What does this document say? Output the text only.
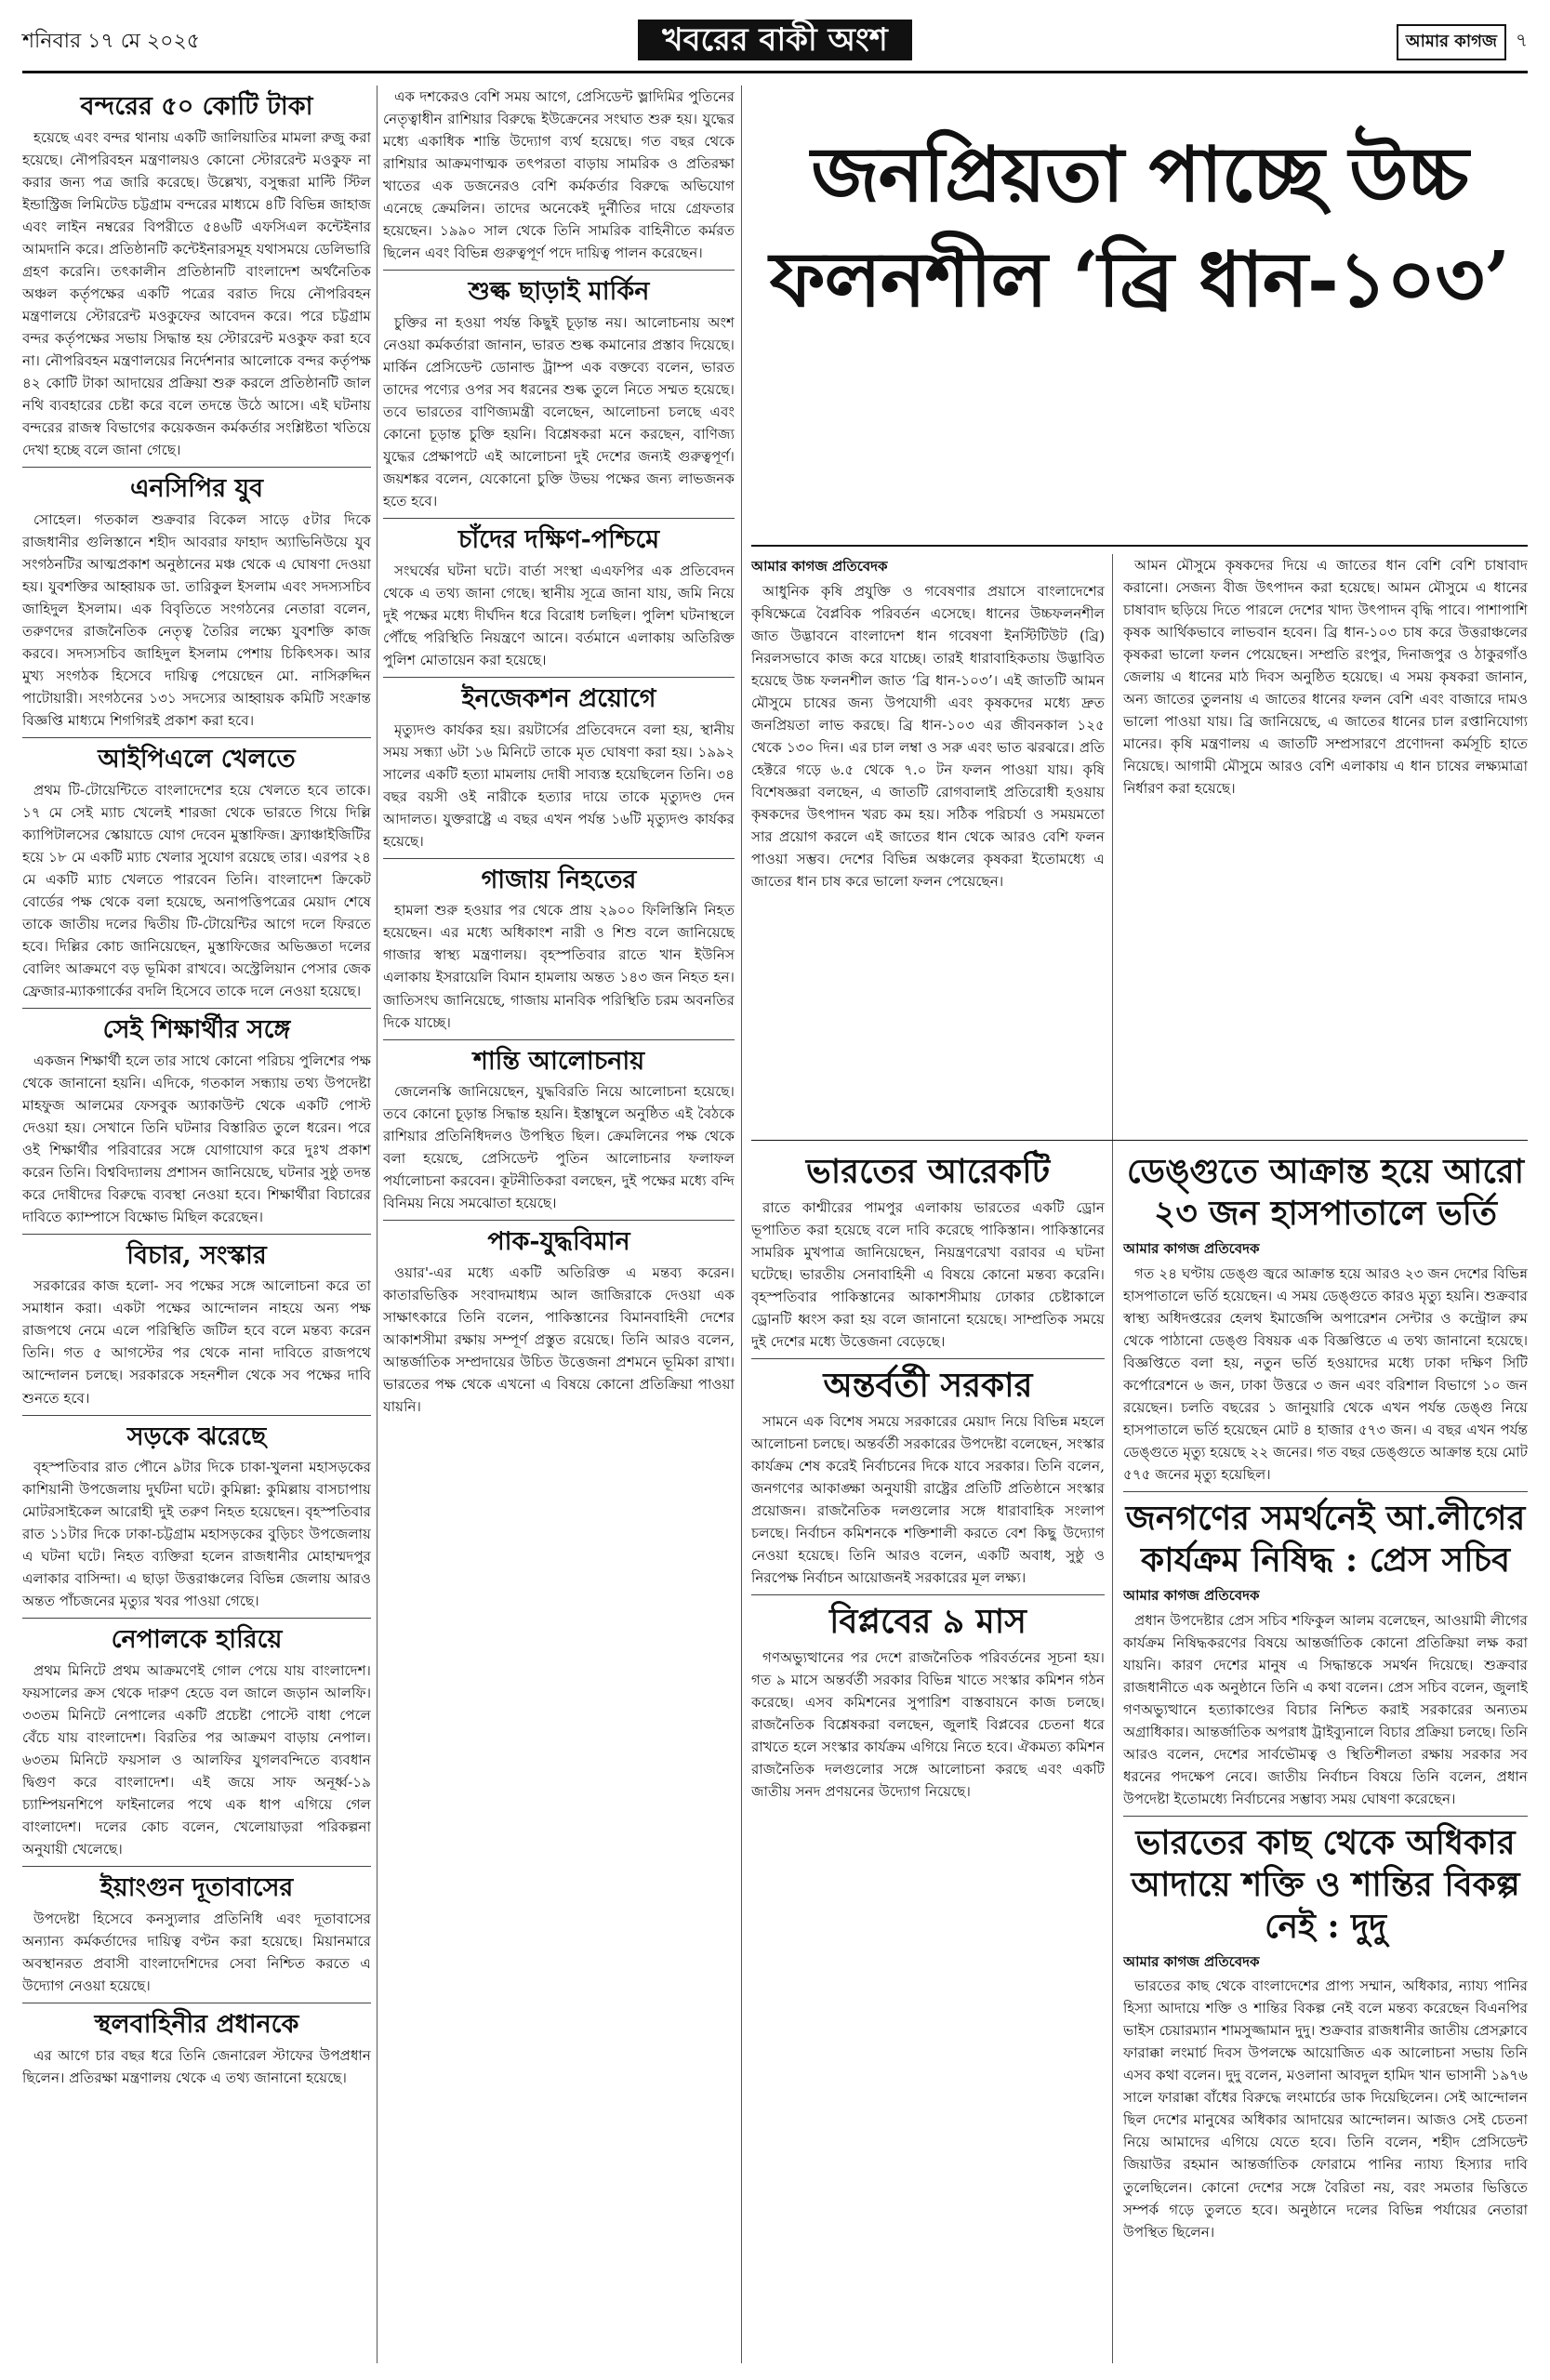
শনিবার ১৭ মে ২০২৫	খবরের বাকী অংশ	আমার কাগজ	৭
বন্দরের ৫০ কোটি টাকা

হয়েছে এবং বন্দর থানায় একটি জালিয়াতির মামলা রুজু করা হয়েছে। নৌপরিবহন মন্ত্রণালয়ও কোনো স্টোররেন্ট মওকুফ না করার জন্য পত্র জারি করেছে। উল্লেখ্য, বসুন্ধরা মাল্টি স্টিল ইন্ডাস্ট্রিজ লিমিটেড চট্টগ্রাম বন্দরের মাধ্যমে ৪টি বিভিন্ন জাহাজ এবং লাইন নম্বরের বিপরীতে ৫৪৬টি এফসিএল কন্টেইনার আমদানি করে। প্রতিষ্ঠানটি কন্টেইনারসমূহ যথাসময়ে ডেলিভারি গ্রহণ করেনি। তৎকালীন প্রতিষ্ঠানটি বাংলাদেশ অর্থনৈতিক অঞ্চল কর্তৃপক্ষের একটি পত্রের বরাত দিয়ে নৌপরিবহন মন্ত্রণালয়ে স্টোররেন্ট মওকুফের আবেদন করে। পরে চট্টগ্রাম বন্দর কর্তৃপক্ষের সভায় সিদ্ধান্ত হয় স্টোররেন্ট মওকুফ করা হবে না। নৌপরিবহন মন্ত্রণালয়ের নির্দেশনার আলোকে বন্দর কর্তৃপক্ষ ৪২ কোটি টাকা আদায়ের প্রক্রিয়া শুরু করলে প্রতিষ্ঠানটি জাল নথি ব্যবহারের চেষ্টা করে বলে তদন্তে উঠে আসে। এই ঘটনায় বন্দরের রাজস্ব বিভাগের কয়েকজন কর্মকর্তার সংশ্লিষ্টতা খতিয়ে দেখা হচ্ছে বলে জানা গেছে।

এনসিপির যুব

সোহেল। গতকাল শুক্রবার বিকেল সাড়ে ৫টার দিকে রাজধানীর গুলিস্তানে শহীদ আবরার ফাহাদ অ্যাভিনিউয়ে যুব সংগঠনটির আত্মপ্রকাশ অনুষ্ঠানের মঞ্চ থেকে এ ঘোষণা দেওয়া হয়। যুবশক্তির আহ্বায়ক ডা. তারিকুল ইসলাম এবং সদস্যসচিব জাহিদুল ইসলাম। এক বিবৃতিতে সংগঠনের নেতারা বলেন, তরুণদের রাজনৈতিক নেতৃত্ব তৈরির লক্ষ্যে যুবশক্তি কাজ করবে। সদস্যসচিব জাহিদুল ইসলাম পেশায় চিকিৎসক। আর মুখ্য সংগঠক হিসেবে দায়িত্ব পেয়েছেন মো. নাসিরুদ্দিন পাটোয়ারী। সংগঠনের ১৩১ সদস্যের আহ্বায়ক কমিটি সংক্রান্ত বিজ্ঞপ্তি মাধ্যমে শিগগিরই প্রকাশ করা হবে।

আইপিএলে খেলতে

প্রথম টি-টোয়েন্টিতে বাংলাদেশের হয়ে খেলতে হবে তাকে। ১৭ মে সেই ম্যাচ খেলেই শারজা থেকে ভারতে গিয়ে দিল্লি ক্যাপিটালসের স্কোয়াডে যোগ দেবেন মুস্তাফিজ। ফ্র্যাঞ্চাইজিটির হয়ে ১৮ মে একটি ম্যাচ খেলার সুযোগ রয়েছে তার। এরপর ২৪ মে একটি ম্যাচ খেলতে পারবেন তিনি। বাংলাদেশ ক্রিকেট বোর্ডের পক্ষ থেকে বলা হয়েছে, অনাপত্তিপত্রের মেয়াদ শেষে তাকে জাতীয় দলের দ্বিতীয় টি-টোয়েন্টির আগে দলে ফিরতে হবে। দিল্লির কোচ জানিয়েছেন, মুস্তাফিজের অভিজ্ঞতা দলের বোলিং আক্রমণে বড় ভূমিকা রাখবে। অস্ট্রেলিয়ান পেসার জেক ফ্রেজার-ম্যাকগার্কের বদলি হিসেবে তাকে দলে নেওয়া হয়েছে।

সেই শিক্ষার্থীর সঙ্গে

একজন শিক্ষার্থী হলে তার সাথে কোনো পরিচয় পুলিশের পক্ষ থেকে জানানো হয়নি। এদিকে, গতকাল সন্ধ্যায় তথ্য উপদেষ্টা মাহফুজ আলমের ফেসবুক অ্যাকাউন্ট থেকে একটি পোস্ট দেওয়া হয়। সেখানে তিনি ঘটনার বিস্তারিত তুলে ধরেন। পরে ওই শিক্ষার্থীর পরিবারের সঙ্গে যোগাযোগ করে দুঃখ প্রকাশ করেন তিনি। বিশ্ববিদ্যালয় প্রশাসন জানিয়েছে, ঘটনার সুষ্ঠু তদন্ত করে দোষীদের বিরুদ্ধে ব্যবস্থা নেওয়া হবে। শিক্ষার্থীরা বিচারের দাবিতে ক্যাম্পাসে বিক্ষোভ মিছিল করেছেন।

বিচার, সংস্কার

সরকারের কাজ হলো- সব পক্ষের সঙ্গে আলোচনা করে তা সমাধান করা। একটা পক্ষের আন্দোলন নাহয়ে অন্য পক্ষ রাজপথে নেমে এলে পরিস্থিতি জটিল হবে বলে মন্তব্য করেন তিনি। গত ৫ আগস্টের পর থেকে নানা দাবিতে রাজপথে আন্দোলন চলছে। সরকারকে সহনশীল থেকে সব পক্ষের দাবি শুনতে হবে।

সড়কে ঝরেছে

বৃহস্পতিবার রাত পৌনে ৯টার দিকে চাকা-খুলনা মহাসড়কের কাশিয়ানী উপজেলায় দুর্ঘটনা ঘটে। কুমিল্লা: কুমিল্লায় বাসচাপায় মোটরসাইকেল আরোহী দুই তরুণ নিহত হয়েছেন। বৃহস্পতিবার রাত ১১টার দিকে ঢাকা-চট্টগ্রাম মহাসড়কের বুড়িচং উপজেলায় এ ঘটনা ঘটে। নিহত ব্যক্তিরা হলেন রাজধানীর মোহাম্মদপুর এলাকার বাসিন্দা। এ ছাড়া উত্তরাঞ্চলের বিভিন্ন জেলায় আরও অন্তত পাঁচজনের মৃত্যুর খবর পাওয়া গেছে।

নেপালকে হারিয়ে

প্রথম মিনিটে প্রথম আক্রমণেই গোল পেয়ে যায় বাংলাদেশ। ফয়সালের ক্রস থেকে দারুণ হেডে বল জালে জড়ান আলফি। ৩৩তম মিনিটে নেপালের একটি প্রচেষ্টা পোস্টে বাধা পেলে বেঁচে যায় বাংলাদেশ। বিরতির পর আক্রমণ বাড়ায় নেপাল। ৬৩তম মিনিটে ফয়সাল ও আলফির যুগলবন্দিতে ব্যবধান দ্বিগুণ করে বাংলাদেশ। এই জয়ে সাফ অনূর্ধ্ব-১৯ চ্যাম্পিয়নশিপে ফাইনালের পথে এক ধাপ এগিয়ে গেল বাংলাদেশ। দলের কোচ বলেন, খেলোয়াড়রা পরিকল্পনা অনুযায়ী খেলেছে।

ইয়াংগুন দূতাবাসের

উপদেষ্টা হিসেবে কনস্যুলার প্রতিনিধি এবং দূতাবাসের অন্যান্য কর্মকর্তাদের দায়িত্ব বণ্টন করা হয়েছে। মিয়ানমারে অবস্থানরত প্রবাসী বাংলাদেশিদের সেবা নিশ্চিত করতে এ উদ্যোগ নেওয়া হয়েছে।

স্থলবাহিনীর প্রধানকে

এর আগে চার বছর ধরে তিনি জেনারেল স্টাফের উপপ্রধান ছিলেন। প্রতিরক্ষা মন্ত্রণালয় থেকে এ তথ্য জানানো হয়েছে।

এক দশকেরও বেশি সময় আগে, প্রেসিডেন্ট ভ্লাদিমির পুতিনের নেতৃত্বাধীন রাশিয়ার বিরুদ্ধে ইউক্রেনের সংঘাত শুরু হয়। যুদ্ধের মধ্যে একাধিক শান্তি উদ্যোগ ব্যর্থ হয়েছে। গত বছর থেকে রাশিয়ার আক্রমণাত্মক তৎপরতা বাড়ায় সামরিক ও প্রতিরক্ষা খাতের এক ডজনেরও বেশি কর্মকর্তার বিরুদ্ধে অভিযোগ এনেছে ক্রেমলিন। তাদের অনেকেই দুর্নীতির দায়ে গ্রেফতার হয়েছেন। ১৯৯০ সাল থেকে তিনি সামরিক বাহিনীতে কর্মরত ছিলেন এবং বিভিন্ন গুরুত্বপূর্ণ পদে দায়িত্ব পালন করেছেন।

শুল্ক ছাড়াই মার্কিন

চুক্তির না হওয়া পর্যন্ত কিছুই চূড়ান্ত নয়। আলোচনায় অংশ নেওয়া কর্মকর্তারা জানান, ভারত শুল্ক কমানোর প্রস্তাব দিয়েছে। মার্কিন প্রেসিডেন্ট ডোনাল্ড ট্রাম্প এক বক্তব্যে বলেন, ভারত তাদের পণ্যের ওপর সব ধরনের শুল্ক তুলে নিতে সম্মত হয়েছে। তবে ভারতের বাণিজ্যমন্ত্রী বলেছেন, আলোচনা চলছে এবং কোনো চূড়ান্ত চুক্তি হয়নি। বিশ্লেষকরা মনে করছেন, বাণিজ্য যুদ্ধের প্রেক্ষাপটে এই আলোচনা দুই দেশের জন্যই গুরুত্বপূর্ণ। জয়শঙ্কর বলেন, যেকোনো চুক্তি উভয় পক্ষের জন্য লাভজনক হতে হবে।

চাঁদের দক্ষিণ-পশ্চিমে

সংঘর্ষের ঘটনা ঘটে। বার্তা সংস্থা এএফপির এক প্রতিবেদন থেকে এ তথ্য জানা গেছে। স্থানীয় সূত্রে জানা যায়, জমি নিয়ে দুই পক্ষের মধ্যে দীর্ঘদিন ধরে বিরোধ চলছিল। পুলিশ ঘটনাস্থলে পৌঁছে পরিস্থিতি নিয়ন্ত্রণে আনে। বর্তমানে এলাকায় অতিরিক্ত পুলিশ মোতায়েন করা হয়েছে।

ইনজেকশন প্রয়োগে

মৃত্যুদণ্ড কার্যকর হয়। রয়টার্সের প্রতিবেদনে বলা হয়, স্থানীয় সময় সন্ধ্যা ৬টা ১৬ মিনিটে তাকে মৃত ঘোষণা করা হয়। ১৯৯২ সালের একটি হত্যা মামলায় দোষী সাব্যস্ত হয়েছিলেন তিনি। ৩৪ বছর বয়সী ওই নারীকে হত্যার দায়ে তাকে মৃত্যুদণ্ড দেন আদালত। যুক্তরাষ্ট্রে এ বছর এখন পর্যন্ত ১৬টি মৃত্যুদণ্ড কার্যকর হয়েছে।

গাজায় নিহতের

হামলা শুরু হওয়ার পর থেকে প্রায় ২৯০০ ফিলিস্তিনি নিহত হয়েছেন। এর মধ্যে অধিকাংশ নারী ও শিশু বলে জানিয়েছে গাজার স্বাস্থ্য মন্ত্রণালয়। বৃহস্পতিবার রাতে খান ইউনিস এলাকায় ইসরায়েলি বিমান হামলায় অন্তত ১৪৩ জন নিহত হন। জাতিসংঘ জানিয়েছে, গাজায় মানবিক পরিস্থিতি চরম অবনতির দিকে যাচ্ছে।

শান্তি আলোচনায়

জেলেনস্কি জানিয়েছেন, যুদ্ধবিরতি নিয়ে আলোচনা হয়েছে। তবে কোনো চূড়ান্ত সিদ্ধান্ত হয়নি। ইস্তাম্বুলে অনুষ্ঠিত এই বৈঠকে রাশিয়ার প্রতিনিধিদলও উপস্থিত ছিল। ক্রেমলিনের পক্ষ থেকে বলা হয়েছে, প্রেসিডেন্ট পুতিন আলোচনার ফলাফল পর্যালোচনা করবেন। কূটনীতিকরা বলছেন, দুই পক্ষের মধ্যে বন্দি বিনিময় নিয়ে সমঝোতা হয়েছে।

পাক-যুদ্ধবিমান

ওয়ার'-এর মধ্যে একটি অতিরিক্ত এ মন্তব্য করেন। কাতারভিত্তিক সংবাদমাধ্যম আল জাজিরাকে দেওয়া এক সাক্ষাৎকারে তিনি বলেন, পাকিস্তানের বিমানবাহিনী দেশের আকাশসীমা রক্ষায় সম্পূর্ণ প্রস্তুত রয়েছে। তিনি আরও বলেন, আন্তর্জাতিক সম্প্রদায়ের উচিত উত্তেজনা প্রশমনে ভূমিকা রাখা। ভারতের পক্ষ থেকে এখনো এ বিষয়ে কোনো প্রতিক্রিয়া পাওয়া যায়নি।

জনপ্রিয়তা পাচ্ছে উচ্চ ফলনশীল ‘ব্রি ধান-১০৩’
আমার কাগজ প্রতিবেদক

আধুনিক কৃষি প্রযুক্তি ও গবেষণার প্রয়াসে বাংলাদেশের কৃষিক্ষেত্রে বৈপ্লবিক পরিবর্তন এসেছে। ধানের উচ্চফলনশীল জাত উদ্ভাবনে বাংলাদেশ ধান গবেষণা ইনস্টিটিউট (ব্রি) নিরলসভাবে কাজ করে যাচ্ছে। তারই ধারাবাহিকতায় উদ্ভাবিত হয়েছে উচ্চ ফলনশীল জাত ‘ব্রি ধান-১০৩’। এই জাতটি আমন মৌসুমে চাষের জন্য উপযোগী এবং কৃষকদের মধ্যে দ্রুত জনপ্রিয়তা লাভ করছে। ব্রি ধান-১০৩ এর জীবনকাল ১২৫ থেকে ১৩০ দিন। এর চাল লম্বা ও সরু এবং ভাত ঝরঝরে। প্রতি হেক্টরে গড়ে ৬.৫ থেকে ৭.০ টন ফলন পাওয়া যায়। কৃষি বিশেষজ্ঞরা বলছেন, এ জাতটি রোগবালাই প্রতিরোধী হওয়ায় কৃষকদের উৎপাদন খরচ কম হয়। সঠিক পরিচর্যা ও সময়মতো সার প্রয়োগ করলে এই জাতের ধান থেকে আরও বেশি ফলন পাওয়া সম্ভব। দেশের বিভিন্ন অঞ্চলের কৃষকরা ইতোমধ্যে এ জাতের ধান চাষ করে ভালো ফলন পেয়েছেন।

আমন মৌসুমে কৃষকদের দিয়ে এ জাতের ধান বেশি বেশি চাষাবাদ করানো। সেজন্য বীজ উৎপাদন করা হয়েছে। আমন মৌসুমে এ ধানের চাষাবাদ ছড়িয়ে দিতে পারলে দেশের খাদ্য উৎপাদন বৃদ্ধি পাবে। পাশাপাশি কৃষক আর্থিকভাবে লাভবান হবেন। ব্রি ধান-১০৩ চাষ করে উত্তরাঞ্চলের কৃষকরা ভালো ফলন পেয়েছেন। সম্প্রতি রংপুর, দিনাজপুর ও ঠাকুরগাঁও জেলায় এ ধানের মাঠ দিবস অনুষ্ঠিত হয়েছে। এ সময় কৃষকরা জানান, অন্য জাতের তুলনায় এ জাতের ধানের ফলন বেশি এবং বাজারে দামও ভালো পাওয়া যায়। ব্রি জানিয়েছে, এ জাতের ধানের চাল রপ্তানিযোগ্য মানের। কৃষি মন্ত্রণালয় এ জাতটি সম্প্রসারণে প্রণোদনা কর্মসূচি হাতে নিয়েছে। আগামী মৌসুমে আরও বেশি এলাকায় এ ধান চাষের লক্ষ্যমাত্রা নির্ধারণ করা হয়েছে।

ভারতের আরেকটি

রাতে কাশ্মীরের পামপুর এলাকায় ভারতের একটি ড্রোন ভূপাতিত করা হয়েছে বলে দাবি করেছে পাকিস্তান। পাকিস্তানের সামরিক মুখপাত্র জানিয়েছেন, নিয়ন্ত্রণরেখা বরাবর এ ঘটনা ঘটেছে। ভারতীয় সেনাবাহিনী এ বিষয়ে কোনো মন্তব্য করেনি। বৃহস্পতিবার পাকিস্তানের আকাশসীমায় ঢোকার চেষ্টাকালে ড্রোনটি ধ্বংস করা হয় বলে জানানো হয়েছে। সাম্প্রতিক সময়ে দুই দেশের মধ্যে উত্তেজনা বেড়েছে।

অন্তর্বর্তী সরকার

সামনে এক বিশেষ সময়ে সরকারের মেয়াদ নিয়ে বিভিন্ন মহলে আলোচনা চলছে। অন্তর্বর্তী সরকারের উপদেষ্টা বলেছেন, সংস্কার কার্যক্রম শেষ করেই নির্বাচনের দিকে যাবে সরকার। তিনি বলেন, জনগণের আকাঙ্ক্ষা অনুযায়ী রাষ্ট্রের প্রতিটি প্রতিষ্ঠানে সংস্কার প্রয়োজন। রাজনৈতিক দলগুলোর সঙ্গে ধারাবাহিক সংলাপ চলছে। নির্বাচন কমিশনকে শক্তিশালী করতে বেশ কিছু উদ্যোগ নেওয়া হয়েছে। তিনি আরও বলেন, একটি অবাধ, সুষ্ঠু ও নিরপেক্ষ নির্বাচন আয়োজনই সরকারের মূল লক্ষ্য।

বিপ্লবের ৯ মাস

গণঅভ্যুত্থানের পর দেশে রাজনৈতিক পরিবর্তনের সূচনা হয়। গত ৯ মাসে অন্তর্বর্তী সরকার বিভিন্ন খাতে সংস্কার কমিশন গঠন করেছে। এসব কমিশনের সুপারিশ বাস্তবায়নে কাজ চলছে। রাজনৈতিক বিশ্লেষকরা বলছেন, জুলাই বিপ্লবের চেতনা ধরে রাখতে হলে সংস্কার কার্যক্রম এগিয়ে নিতে হবে। ঐকমত্য কমিশন রাজনৈতিক দলগুলোর সঙ্গে আলোচনা করছে এবং একটি জাতীয় সনদ প্রণয়নের উদ্যোগ নিয়েছে।

ডেঙ্গুতে আক্রান্ত হয়ে আরো ২৩ জন হাসপাতালে ভর্তি
আমার কাগজ প্রতিবেদক

গত ২৪ ঘণ্টায় ডেঙ্গু জ্বরে আক্রান্ত হয়ে আরও ২৩ জন দেশের বিভিন্ন হাসপাতালে ভর্তি হয়েছেন। এ সময় ডেঙ্গুতে কারও মৃত্যু হয়নি। শুক্রবার স্বাস্থ্য অধিদপ্তরের হেলথ ইমার্জেন্সি অপারেশন সেন্টার ও কন্ট্রোল রুম থেকে পাঠানো ডেঙ্গু বিষয়ক এক বিজ্ঞপ্তিতে এ তথ্য জানানো হয়েছে। বিজ্ঞপ্তিতে বলা হয়, নতুন ভর্তি হওয়াদের মধ্যে ঢাকা দক্ষিণ সিটি কর্পোরেশনে ৬ জন, ঢাকা উত্তরে ৩ জন এবং বরিশাল বিভাগে ১০ জন রয়েছেন। চলতি বছরের ১ জানুয়ারি থেকে এখন পর্যন্ত ডেঙ্গু নিয়ে হাসপাতালে ভর্তি হয়েছেন মোট ৪ হাজার ৫৭৩ জন। এ বছর এখন পর্যন্ত ডেঙ্গুতে মৃত্যু হয়েছে ২২ জনের। গত বছর ডেঙ্গুতে আক্রান্ত হয়ে মোট ৫৭৫ জনের মৃত্যু হয়েছিল।

জনগণের সমর্থনেই আ.লীগের কার্যক্রম নিষিদ্ধ : প্রেস সচিব
আমার কাগজ প্রতিবেদক

প্রধান উপদেষ্টার প্রেস সচিব শফিকুল আলম বলেছেন, আওয়ামী লীগের কার্যক্রম নিষিদ্ধকরণের বিষয়ে আন্তর্জাতিক কোনো প্রতিক্রিয়া লক্ষ করা যায়নি। কারণ দেশের মানুষ এ সিদ্ধান্তকে সমর্থন দিয়েছে। শুক্রবার রাজধানীতে এক অনুষ্ঠানে তিনি এ কথা বলেন। প্রেস সচিব বলেন, জুলাই গণঅভ্যুত্থানে হত্যাকাণ্ডের বিচার নিশ্চিত করাই সরকারের অন্যতম অগ্রাধিকার। আন্তর্জাতিক অপরাধ ট্রাইব্যুনালে বিচার প্রক্রিয়া চলছে। তিনি আরও বলেন, দেশের সার্বভৌমত্ব ও স্থিতিশীলতা রক্ষায় সরকার সব ধরনের পদক্ষেপ নেবে। জাতীয় নির্বাচন বিষয়ে তিনি বলেন, প্রধান উপদেষ্টা ইতোমধ্যে নির্বাচনের সম্ভাব্য সময় ঘোষণা করেছেন।

ভারতের কাছ থেকে অধিকার আদায়ে শক্তি ও শান্তির বিকল্প নেই : দুদু
আমার কাগজ প্রতিবেদক

ভারতের কাছ থেকে বাংলাদেশের প্রাপ্য সম্মান, অধিকার, ন্যায্য পানির হিস্যা আদায়ে শক্তি ও শান্তির বিকল্প নেই বলে মন্তব্য করেছেন বিএনপির ভাইস চেয়ারম্যান শামসুজ্জামান দুদু। শুক্রবার রাজধানীর জাতীয় প্রেসক্লাবে ফারাক্কা লংমার্চ দিবস উপলক্ষে আয়োজিত এক আলোচনা সভায় তিনি এসব কথা বলেন। দুদু বলেন, মওলানা আবদুল হামিদ খান ভাসানী ১৯৭৬ সালে ফারাক্কা বাঁধের বিরুদ্ধে লংমার্চের ডাক দিয়েছিলেন। সেই আন্দোলন ছিল দেশের মানুষের অধিকার আদায়ের আন্দোলন। আজও সেই চেতনা নিয়ে আমাদের এগিয়ে যেতে হবে। তিনি বলেন, শহীদ প্রেসিডেন্ট জিয়াউর রহমান আন্তর্জাতিক ফোরামে পানির ন্যায্য হিস্যার দাবি তুলেছিলেন। কোনো দেশের সঙ্গে বৈরিতা নয়, বরং সমতার ভিত্তিতে সম্পর্ক গড়ে তুলতে হবে। অনুষ্ঠানে দলের বিভিন্ন পর্যায়ের নেতারা উপস্থিত ছিলেন।
